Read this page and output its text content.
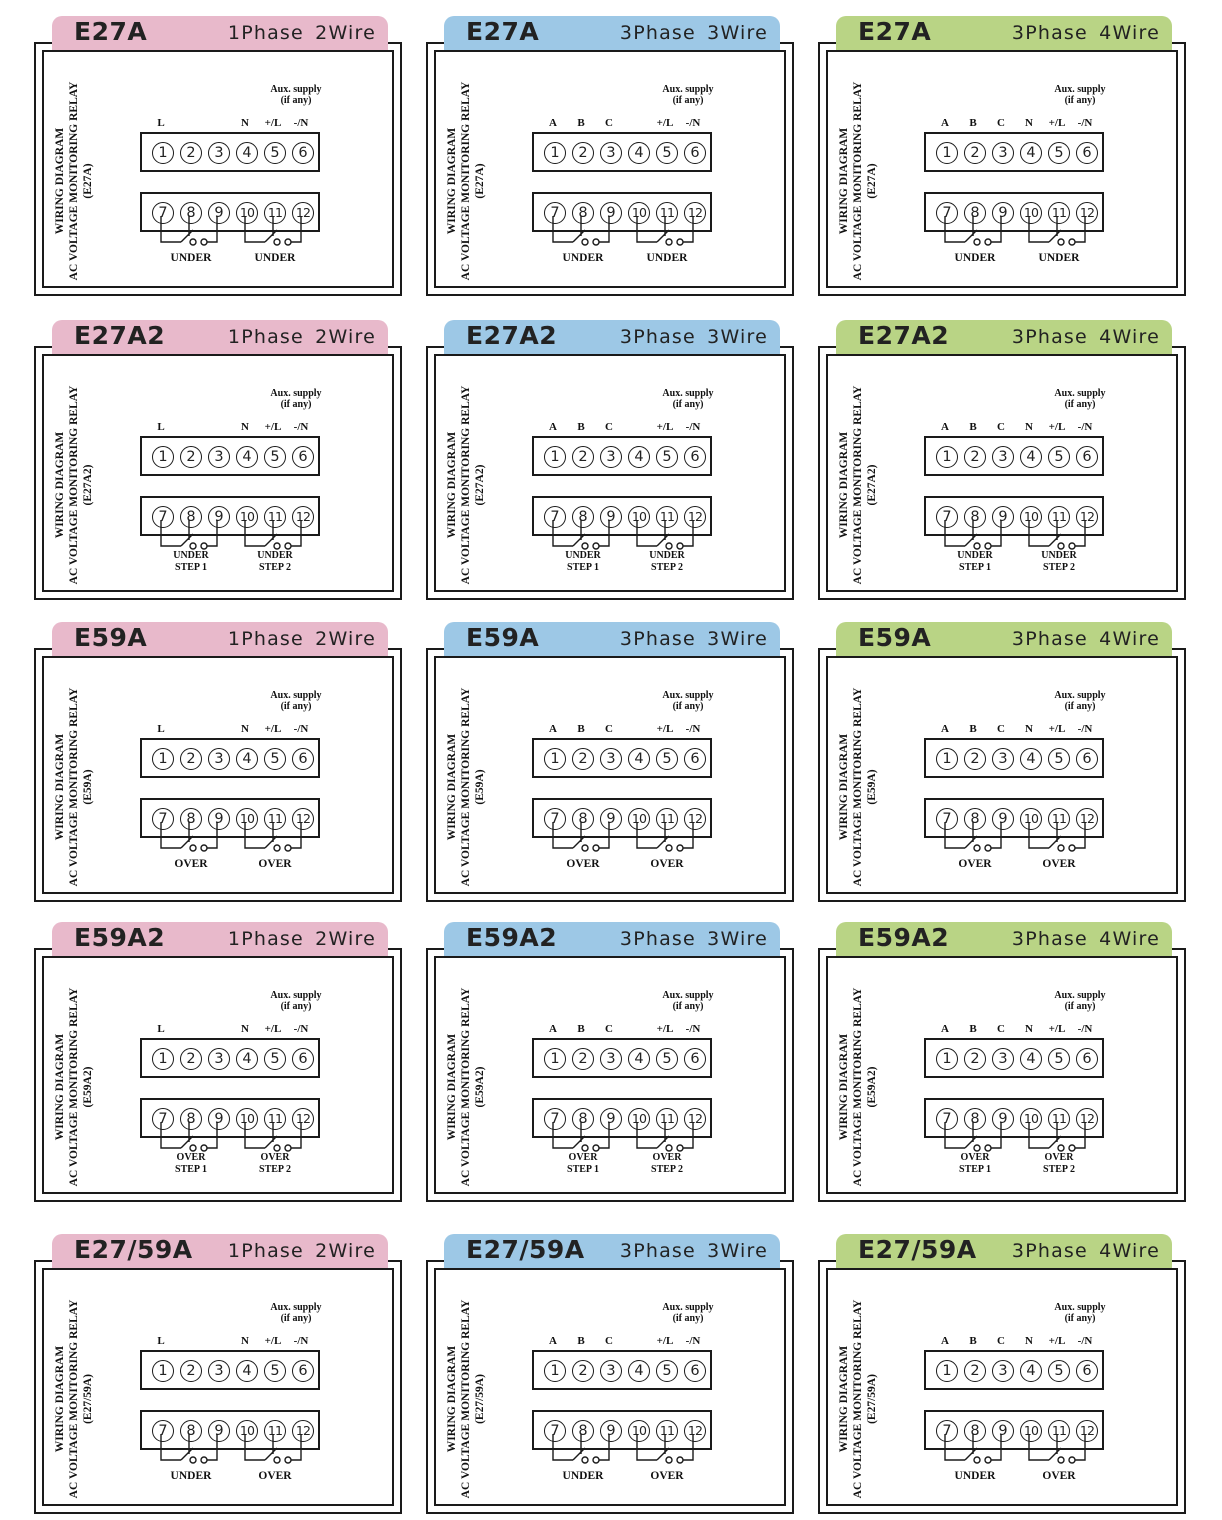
E27A	1Phase 2Wire
WIRING DIAGRAM AC VOLTAGE MONITORING RELAY (E27A)
Aux. supply
(if any)
L	N	+/L	-/N
1	2	3	4	5	6
7	8	9	10	11	12
UNDER	UNDER
E27A	3Phase 3Wire
WIRING DIAGRAM AC VOLTAGE MONITORING RELAY (E27A)
Aux. supply
(if any)
A	B	C	+/L	-/N
1	2	3	4	5	6
7	8	9	10	11	12
UNDER	UNDER
E27A	3Phase 4Wire
WIRING DIAGRAM AC VOLTAGE MONITORING RELAY (E27A)
Aux. supply
(if any)
A	B	C	N	+/L	-/N
1	2	3	4	5	6
7	8	9	10	11	12
UNDER	UNDER
E27A2	1Phase 2Wire
WIRING DIAGRAM AC VOLTAGE MONITORING RELAY (E27A2)
Aux. supply
(if any)
L	N	+/L	-/N
1	2	3	4	5	6
7	8	9	10	11	12
UNDER
STEP 1
UNDER
STEP 2
E27A2	3Phase 3Wire
WIRING DIAGRAM AC VOLTAGE MONITORING RELAY (E27A2)
Aux. supply
(if any)
A	B	C	+/L	-/N
1	2	3	4	5	6
7	8	9	10	11	12
UNDER
STEP 1
UNDER
STEP 2
E27A2	3Phase 4Wire
WIRING DIAGRAM AC VOLTAGE MONITORING RELAY (E27A2)
Aux. supply
(if any)
A	B	C	N	+/L	-/N
1	2	3	4	5	6
7	8	9	10	11	12
UNDER
STEP 1
UNDER
STEP 2
E59A	1Phase 2Wire
WIRING DIAGRAM AC VOLTAGE MONITORING RELAY (E59A)
Aux. supply
(if any)
L	N	+/L	-/N
1	2	3	4	5	6
7	8	9	10	11	12
OVER	OVER
E59A	3Phase 3Wire
WIRING DIAGRAM AC VOLTAGE MONITORING RELAY (E59A)
Aux. supply
(if any)
A	B	C	+/L	-/N
1	2	3	4	5	6
7	8	9	10	11	12
OVER	OVER
E59A	3Phase 4Wire
WIRING DIAGRAM AC VOLTAGE MONITORING RELAY (E59A)
Aux. supply
(if any)
A	B	C	N	+/L	-/N
1	2	3	4	5	6
7	8	9	10	11	12
OVER	OVER
E59A2	1Phase 2Wire
WIRING DIAGRAM AC VOLTAGE MONITORING RELAY (E59A2)
Aux. supply
(if any)
L	N	+/L	-/N
1	2	3	4	5	6
7	8	9	10	11	12
OVER
STEP 1
OVER
STEP 2
E59A2	3Phase 3Wire
WIRING DIAGRAM AC VOLTAGE MONITORING RELAY (E59A2)
Aux. supply
(if any)
A	B	C	+/L	-/N
1	2	3	4	5	6
7	8	9	10	11	12
OVER
STEP 1
OVER
STEP 2
E59A2	3Phase 4Wire
WIRING DIAGRAM AC VOLTAGE MONITORING RELAY (E59A2)
Aux. supply
(if any)
A	B	C	N	+/L	-/N
1	2	3	4	5	6
7	8	9	10	11	12
OVER
STEP 1
OVER
STEP 2
E27/59A 1Phase 2Wire
WIRING DIAGRAM AC VOLTAGE MONITORING RELAY (E27/59A)
Aux. supply
(if any)
L	N	+/L	-/N
1	2	3	4	5	6
7	8	9	10	11	12
UNDER	OVER
E27/59A 3Phase 3Wire
WIRING DIAGRAM AC VOLTAGE MONITORING RELAY (E27/59A)
Aux. supply
(if any)
A	B	C	+/L	-/N
1	2	3	4	5	6
7	8	9	10	11	12
UNDER	OVER
E27/59A 3Phase 4Wire
WIRING DIAGRAM AC VOLTAGE MONITORING RELAY (E27/59A)
Aux. supply
(if any)
A	B	C	N	+/L	-/N
1	2	3	4	5	6
7	8	9	10	11	12
UNDER	OVER
